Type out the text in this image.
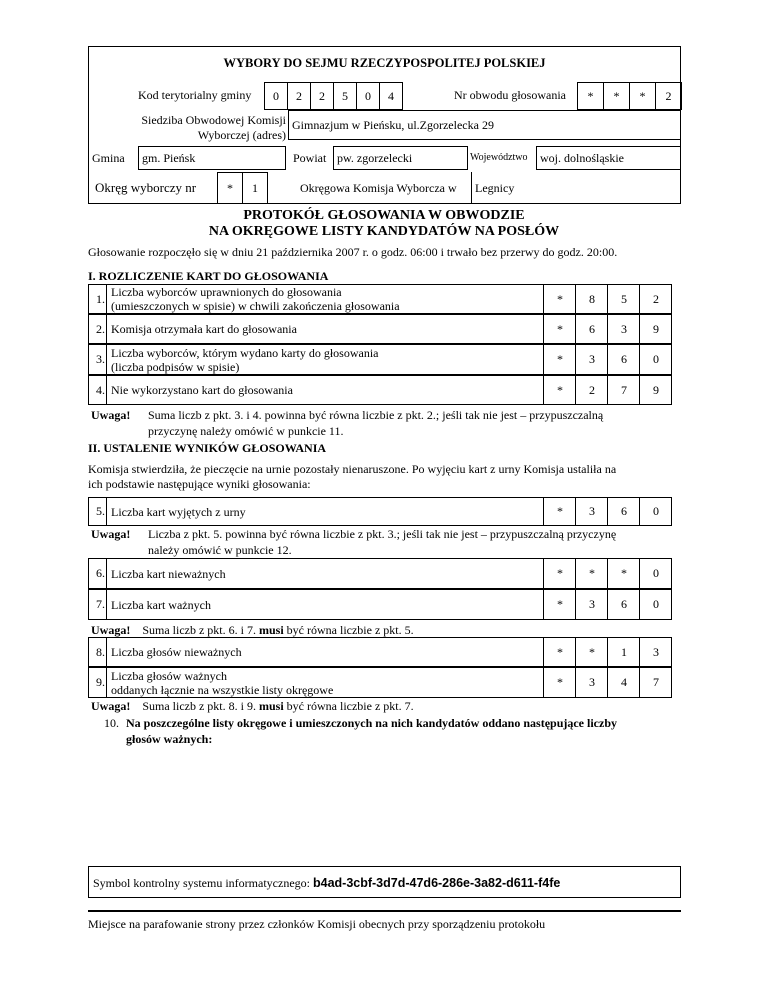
WYBORY DO SEJMU RZECZYPOSPOLITEJ POLSKIEJ
Kod terytorialny gminy	0	2	2	5	0	4	Nr obwodu głosowania	*	*	*	2
Siedziba Obwodowej Komisji
Wyborczej (adres)
Gimnazjum w Pieńsku, ul.Zgorzelecka 29
Gmina gm. Pieńsk	Powiat pw. zgorzelecki	Województwo	woj. dolnośląskie
Okręg wyborczy nr	*	1	Okręgowa Komisja Wyborcza w Legnicy
PROTOKÓŁ GŁOSOWANIA W OBWODZIE
NA OKRĘGOWE LISTY KANDYDATÓW NA POSŁÓW
Głosowanie rozpoczęło się w dniu 21 października 2007 r. o godz. 06:00 i trwało bez przerwy do godz. 20:00.
I. ROZLICZENIE KART DO GŁOSOWANIA
1. Liczba wyborców uprawnionych do głosowania
(umieszczonych w spisie) w chwili zakończenia głosowania
*	8	5	2
2. Komisja otrzymała kart do głosowania	*	6	3	9
3. Liczba wyborców, którym wydano karty do głosowania
(liczba podpisów w spisie)
*	3	6	0
4. Nie wykorzystano kart do głosowania	*	2	7	9
Uwaga! Suma liczb z pkt. 3. i 4. powinna być równa liczbie z pkt. 2.; jeśli tak nie jest – przypuszczalną
przyczynę należy omówić w punkcie 11.
II. USTALENIE WYNIKÓW GŁOSOWANIA
Komisja stwierdziła, że pieczęcie na urnie pozostały nienaruszone. Po wyjęciu kart z urny Komisja ustaliła na
ich podstawie następujące wyniki głosowania:
5. Liczba kart wyjętych z urny	*	3	6	0
6. Liczba kart nieważnych	*	*	*	0
7. Liczba kart ważnych	*	3	6	0
8. Liczba głosów nieważnych	*	*	1	3
9. Liczba głosów ważnych
oddanych łącznie na wszystkie listy okręgowe
*	3	4	7
Uwaga! Liczba z pkt. 5. powinna być równa liczbie z pkt. 3.; jeśli tak nie jest – przypuszczalną przyczynę
należy omówić w punkcie 12.
Uwaga! Suma liczb z pkt. 6. i 7. musi być równa liczbie z pkt. 5.
Uwaga! Suma liczb z pkt. 8. i 9. musi być równa liczbie z pkt. 7.
10. Na poszczególne listy okręgowe i umieszczonych na nich kandydatów oddano następujące liczby
głosów ważnych:
Symbol kontrolny systemu informatycznego: b4ad-3cbf-3d7d-47d6-286e-3a82-d611-f4fe
Miejsce na parafowanie strony przez członków Komisji obecnych przy sporządzeniu protokołu
